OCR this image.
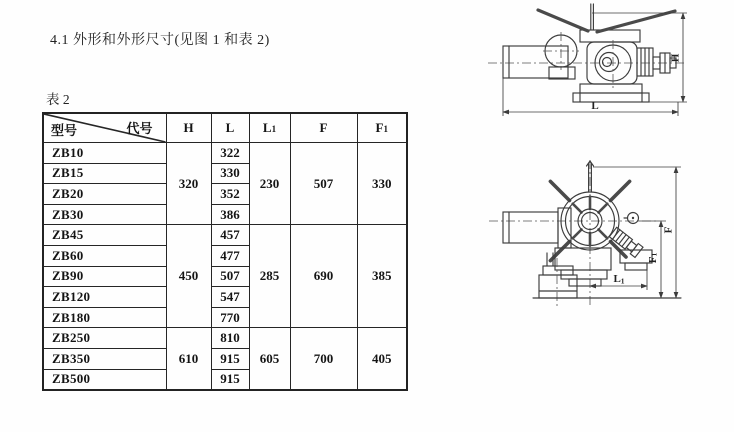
4.1 外形和外形尺寸(见图 1 和表 2)
表 2
代号
型号	H	L	L1	F	F1
ZB10	320	322	230	507	330
ZB15		330			
ZB20		352			
ZB30		386			
ZB45	450	457	285	690	385
ZB60		477			
ZB90		507			
ZB120		547			
ZB180		770			
ZB250	610	810	605	700	405
ZB350		915			
ZB500		915			
H
L
F
F1
L1
